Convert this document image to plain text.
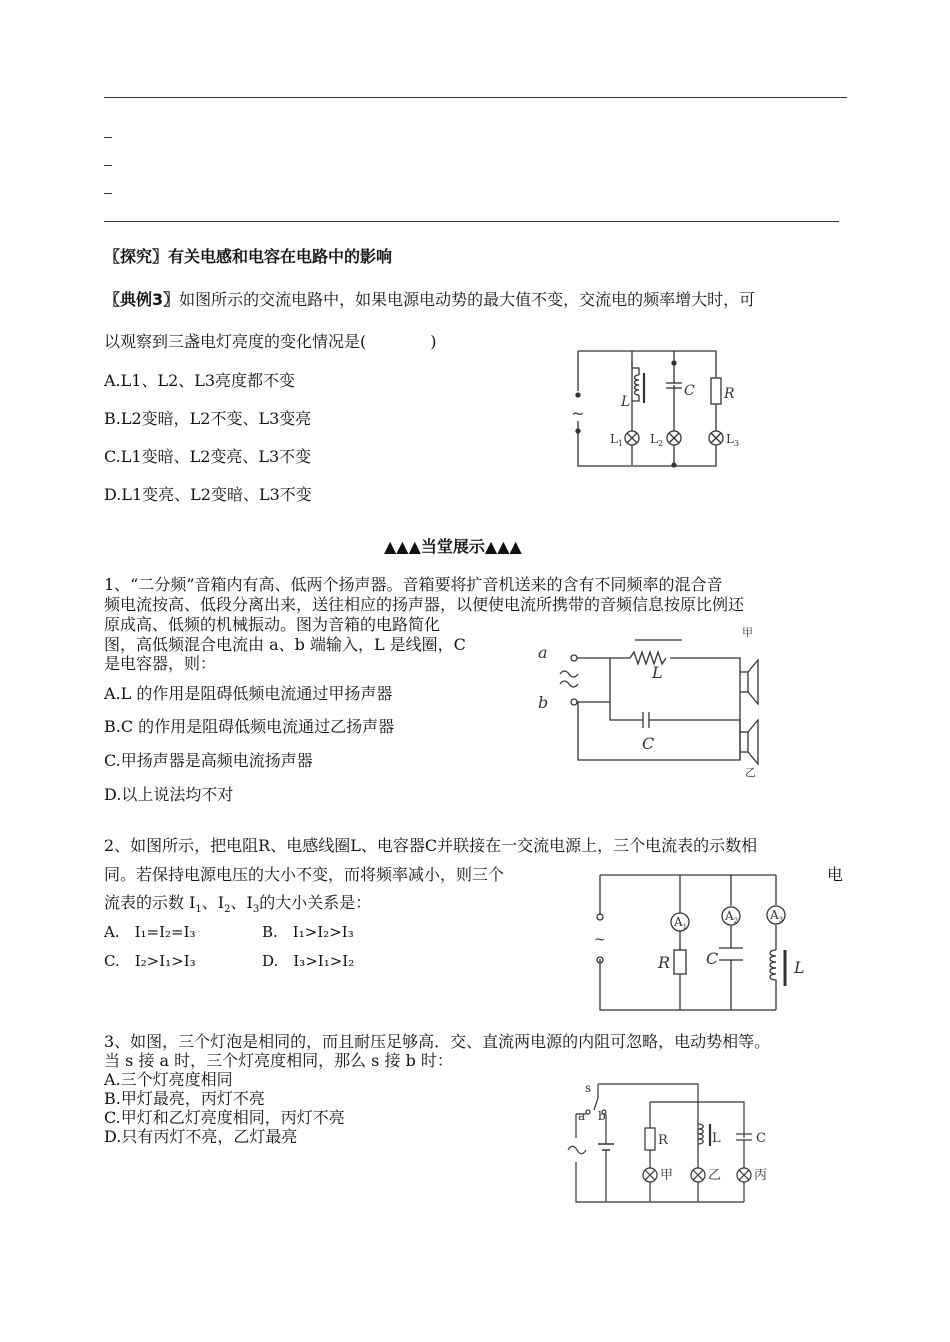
〖探究〗有关电感和电容在电路中的影响
〖典例3〗如图所示的交流电路中，如果电源电动势的最大值不变，交流电的频率增大时，可
以观察到三盏电灯亮度的变化情况是(　　　　)
A.L1、L2、L3亮度都不变
B.L2变暗，L2不变、L3变亮
C.L1变暗、L2变亮、L3不变
D.L1变亮、L2变暗、L3不变
~
L
C R
$L_1$ $L_2$	$L_3$
▲▲▲当堂展示▲▲▲
1、“二分频”音箱内有高、低两个扬声器。音箱要将扩音机送来的含有不同频率的混合音
频电流按高、低段分离出来，送往相应的扬声器，以便使电流所携带的音频信息按原比例还
原成高、低频的机械振动。图为音箱的电路简化
图，高低频混合电流由 a、b 端输入，L 是线圈，C
是电容器，则：
A.L 的作用是阻碍低频电流通过甲扬声器
B.C 的作用是阻碍低频电流通过乙扬声器
C.甲扬声器是高频电流扬声器
D.以上说法均不对
甲
a
b
L
C
乙
2、如图所示，把电阻R、电感线圈L、电容器C并联接在一交流电源上，三个电流表的示数相
同。若保持电源电压的大小不变，而将频率减小，则三个	电
流表的示数 $I_1$、$I_2$、$I_3$的大小关系是：
A.　I₁=I₂=I₃	B.　I₁>I₂>I₃
C.　I₂>I₁>I₃	D.　I₃>I₁>I₂
~
$A_1$
$A_2$	$A_3$
R C	L
3、如图，三个灯泡是相同的，而且耐压足够高．交、直流两电源的内阻可忽略，电动势相等。
当 s 接 a 时，三个灯亮度相同，那么 s 接 b 时：
A.三个灯亮度相同
B.甲灯最亮，丙灯不亮
C.甲灯和乙灯亮度相同，丙灯不亮
D.只有丙灯不亮，乙灯最亮
s
a b
R	L	C
甲	乙	丙
